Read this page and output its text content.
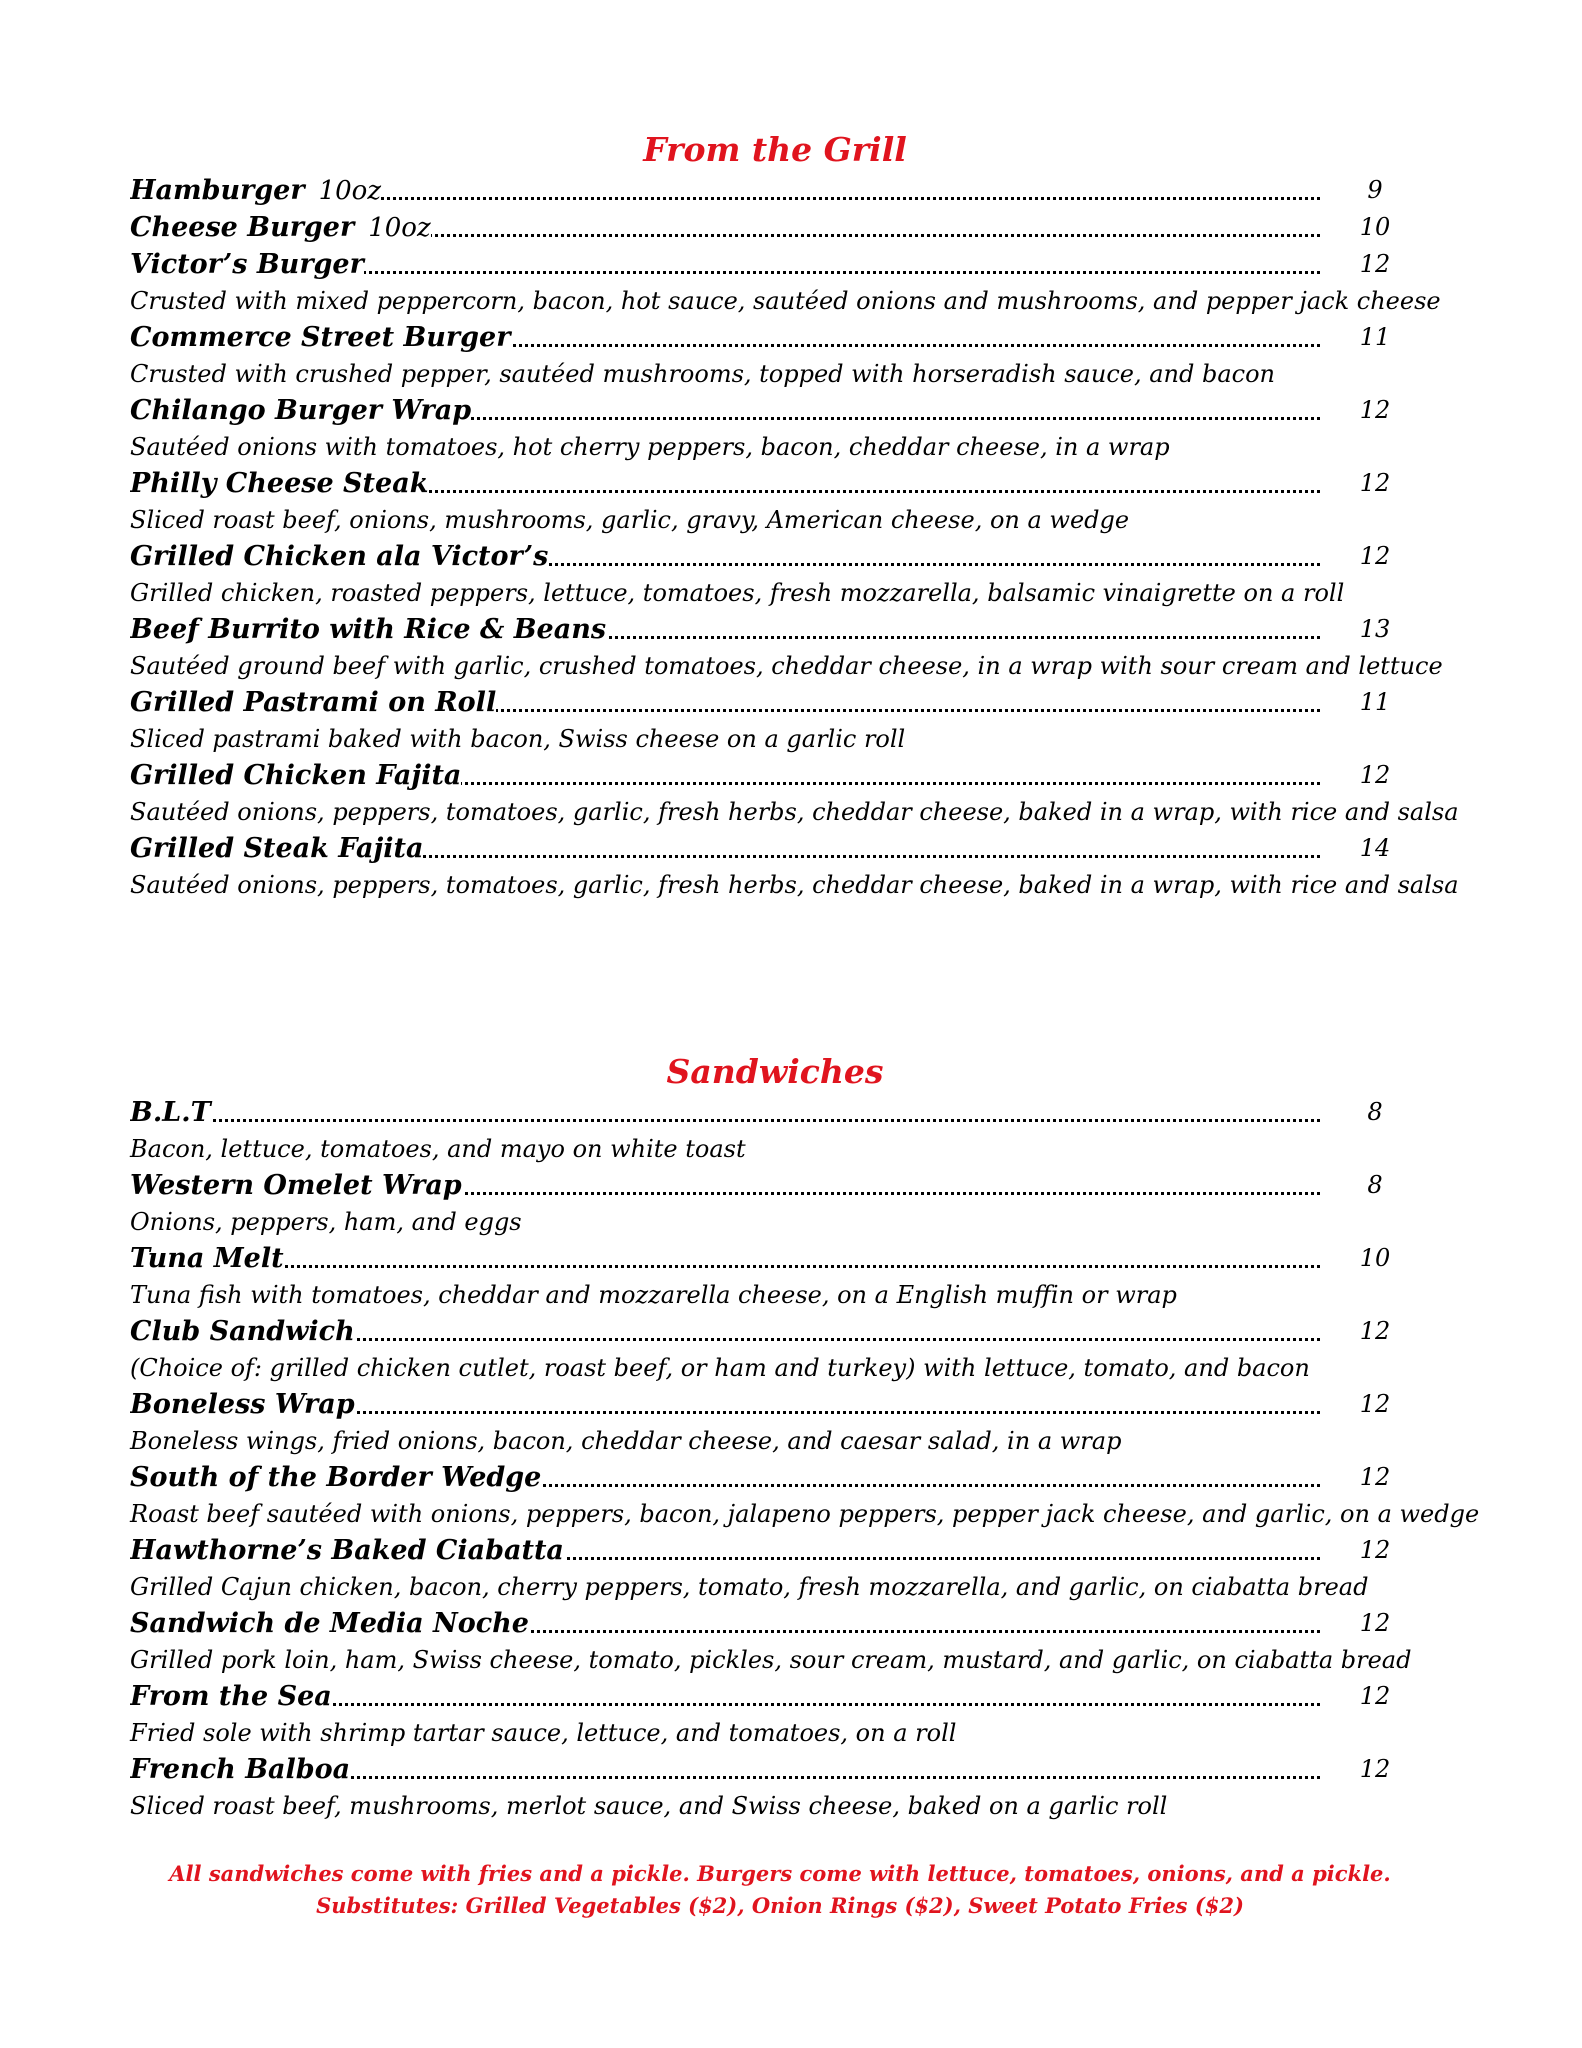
From the Grill
Hamburger 10oz	9
Cheese Burger 10oz	10
Victor’s Burger	12
Crusted with mixed peppercorn, bacon, hot sauce, sautéed onions and mushrooms, and pepper jack cheese
Commerce Street Burger	11
Crusted with crushed pepper, sautéed mushrooms, topped with horseradish sauce, and bacon
Chilango Burger Wrap	12
Sautéed onions with tomatoes, hot cherry peppers, bacon, cheddar cheese, in a wrap
Philly Cheese Steak	12
Sliced roast beef, onions, mushrooms, garlic, gravy, American cheese, on a wedge
Grilled Chicken ala Victor’s	12
Grilled chicken, roasted peppers, lettuce, tomatoes, fresh mozzarella, balsamic vinaigrette on a roll
Beef Burrito with Rice & Beans	13
Sautéed ground beef with garlic, crushed tomatoes, cheddar cheese, in a wrap with sour cream and lettuce
Grilled Pastrami on Roll	11
Sliced pastrami baked with bacon, Swiss cheese on a garlic roll
Grilled Chicken Fajita	12
Sautéed onions, peppers, tomatoes, garlic, fresh herbs, cheddar cheese, baked in a wrap, with rice and salsa
Grilled Steak Fajita	14
Sautéed onions, peppers, tomatoes, garlic, fresh herbs, cheddar cheese, baked in a wrap, with rice and salsa
Sandwiches
B.L.T	8
Bacon, lettuce, tomatoes, and mayo on white toast
Western Omelet Wrap	8
Onions, peppers, ham, and eggs
Tuna Melt	10
Tuna fish with tomatoes, cheddar and mozzarella cheese, on a English muffin or wrap
Club Sandwich	12
(Choice of: grilled chicken cutlet, roast beef, or ham and turkey) with lettuce, tomato, and bacon
Boneless Wrap	12
Boneless wings, fried onions, bacon, cheddar cheese, and caesar salad, in a wrap
South of the Border Wedge	12
Roast beef sautéed with onions, peppers, bacon, jalapeno peppers, pepper jack cheese, and garlic, on a wedge
Hawthorne’s Baked Ciabatta	12
Grilled Cajun chicken, bacon, cherry peppers, tomato, fresh mozzarella, and garlic, on ciabatta bread
Sandwich de Media Noche	12
Grilled pork loin, ham, Swiss cheese, tomato, pickles, sour cream, mustard, and garlic, on ciabatta bread
From the Sea	12
Fried sole with shrimp tartar sauce, lettuce, and tomatoes, on a roll
French Balboa	12
Sliced roast beef, mushrooms, merlot sauce, and Swiss cheese, baked on a garlic roll
All sandwiches come with fries and a pickle. Burgers come with lettuce, tomatoes, onions, and a pickle.
Substitutes: Grilled Vegetables ($2), Onion Rings ($2), Sweet Potato Fries ($2)
